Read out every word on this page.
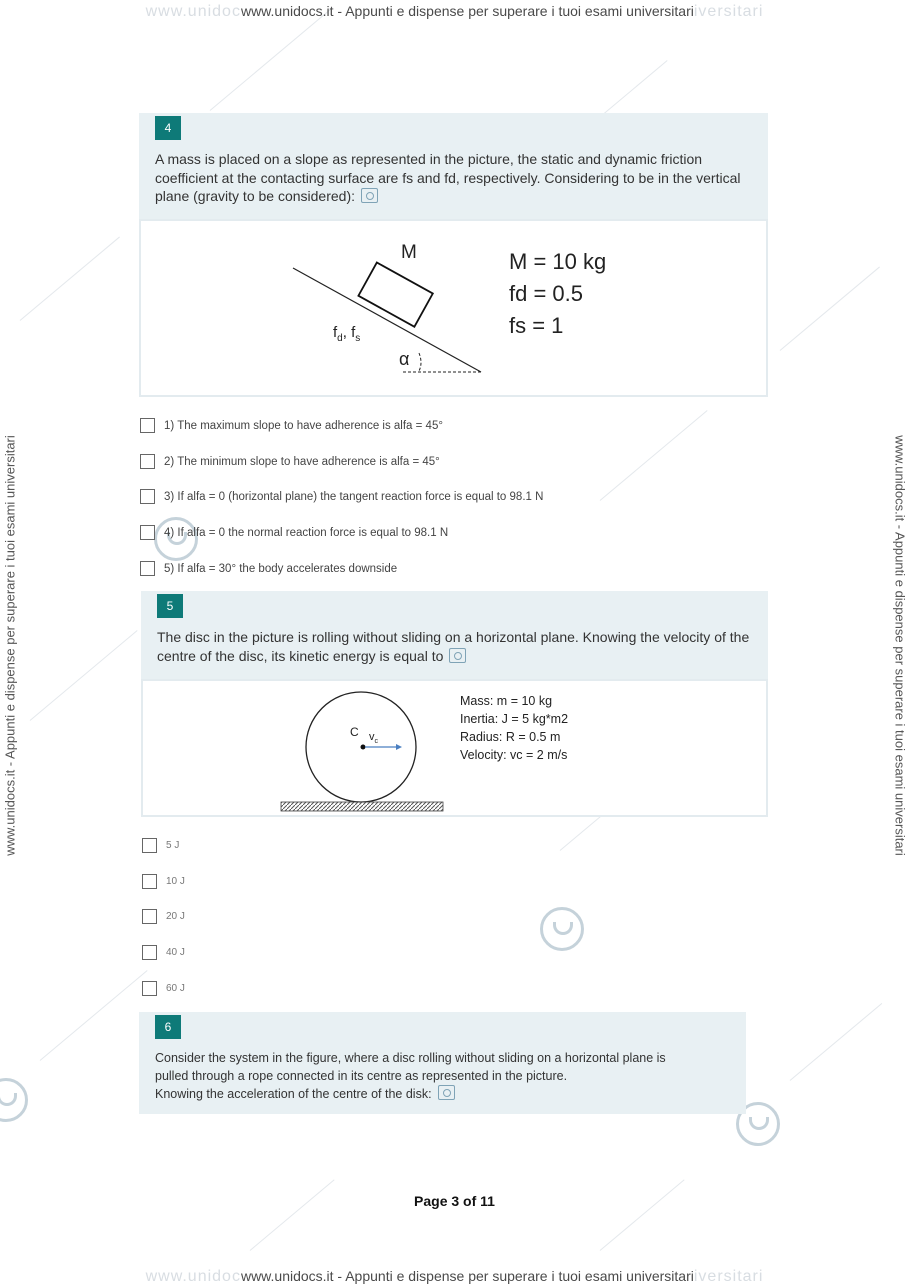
www.unidocwww.unidocs.it - Appunti e dispense per superare i tuoi esami universitariiversitari
www.unidocs.it - Appunti e dispense per superare i tuoi esami universitari	www.unidocs.it - Appunti e dispense per superare i tuoi esami universitari
4
A mass is placed on a slope as represented in the picture, the static and dynamic friction coefficient at the contacting surface are fs and fd, respectively. Considering to be in the vertical plane (gravity to be considered):
M
$f_d$, $f_s$
α
M = 10 kg
fd = 0.5
fs = 1
1) The maximum slope to have adherence is alfa = 45°
2) The minimum slope to have adherence is alfa = 45°
3) If alfa = 0 (horizontal plane) the tangent reaction force is equal to 98.1 N
4) If alfa = 0 the normal reaction force is equal to 98.1 N
5) If alfa = 30° the body accelerates downside
5
The disc in the picture is rolling without sliding on a horizontal plane. Knowing the velocity of the centre of the disc, its kinetic energy is equal to
C $v_c$
Mass: m = 10 kg
Inertia: J = 5 kg*m2
Radius: R = 0.5 m
Velocity: vc = 2 m/s
5 J
10 J
20 J
40 J
60 J
6
Consider the system in the figure, where a disc rolling without sliding on a horizontal plane is
pulled through a rope connected in its centre as represented in the picture.
Knowing the acceleration of the centre of the disk:
Page 3 of 11
www.unidocwww.unidocs.it - Appunti e dispense per superare i tuoi esami universitariiversitari
